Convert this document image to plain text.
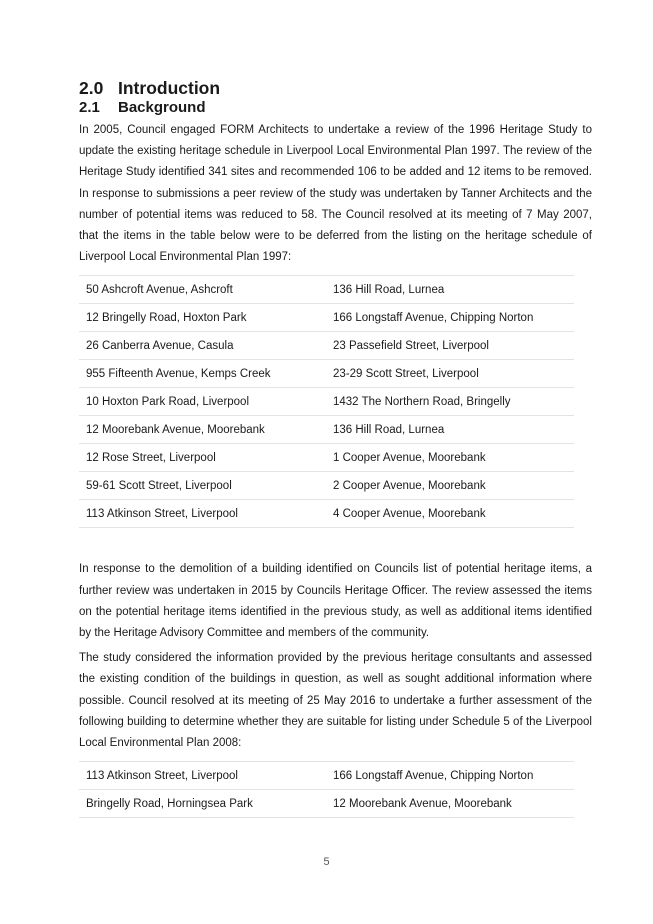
2.0 Introduction
2.1 Background

In 2005, Council engaged FORM Architects to undertake a review of the 1996 Heritage Study to update the existing heritage schedule in Liverpool Local Environmental Plan 1997. The review of the Heritage Study identified 341 sites and recommended 106 to be added and 12 items to be removed. In response to submissions a peer review of the study was undertaken by Tanner Architects and the number of potential items was reduced to 58. The Council resolved at its meeting of 7 May 2007, that the items in the table below were to be deferred from the listing on the heritage schedule of Liverpool Local Environmental Plan 1997:

50 Ashcroft Avenue, Ashcroft	136 Hill Road, Lurnea
12 Bringelly Road, Hoxton Park	166 Longstaff Avenue, Chipping Norton
26 Canberra Avenue, Casula	23 Passefield Street, Liverpool
955 Fifteenth Avenue, Kemps Creek	23-29 Scott Street, Liverpool
10 Hoxton Park Road, Liverpool	1432 The Northern Road, Bringelly
12 Moorebank Avenue, Moorebank	136 Hill Road, Lurnea
12 Rose Street, Liverpool	1 Cooper Avenue, Moorebank
59-61 Scott Street, Liverpool	2 Cooper Avenue, Moorebank
113 Atkinson Street, Liverpool	4 Cooper Avenue, Moorebank

In response to the demolition of a building identified on Councils list of potential heritage items, a further review was undertaken in 2015 by Councils Heritage Officer. The review assessed the items on the potential heritage items identified in the previous study, as well as additional items identified by the Heritage Advisory Committee and members of the community.

The study considered the information provided by the previous heritage consultants and assessed the existing condition of the buildings in question, as well as sought additional information where possible. Council resolved at its meeting of 25 May 2016 to undertake a further assessment of the following building to determine whether they are suitable for listing under Schedule 5 of the Liverpool Local Environmental Plan 2008:

113 Atkinson Street, Liverpool	166 Longstaff Avenue, Chipping Norton
Bringelly Road, Horningsea Park	12 Moorebank Avenue, Moorebank
5
